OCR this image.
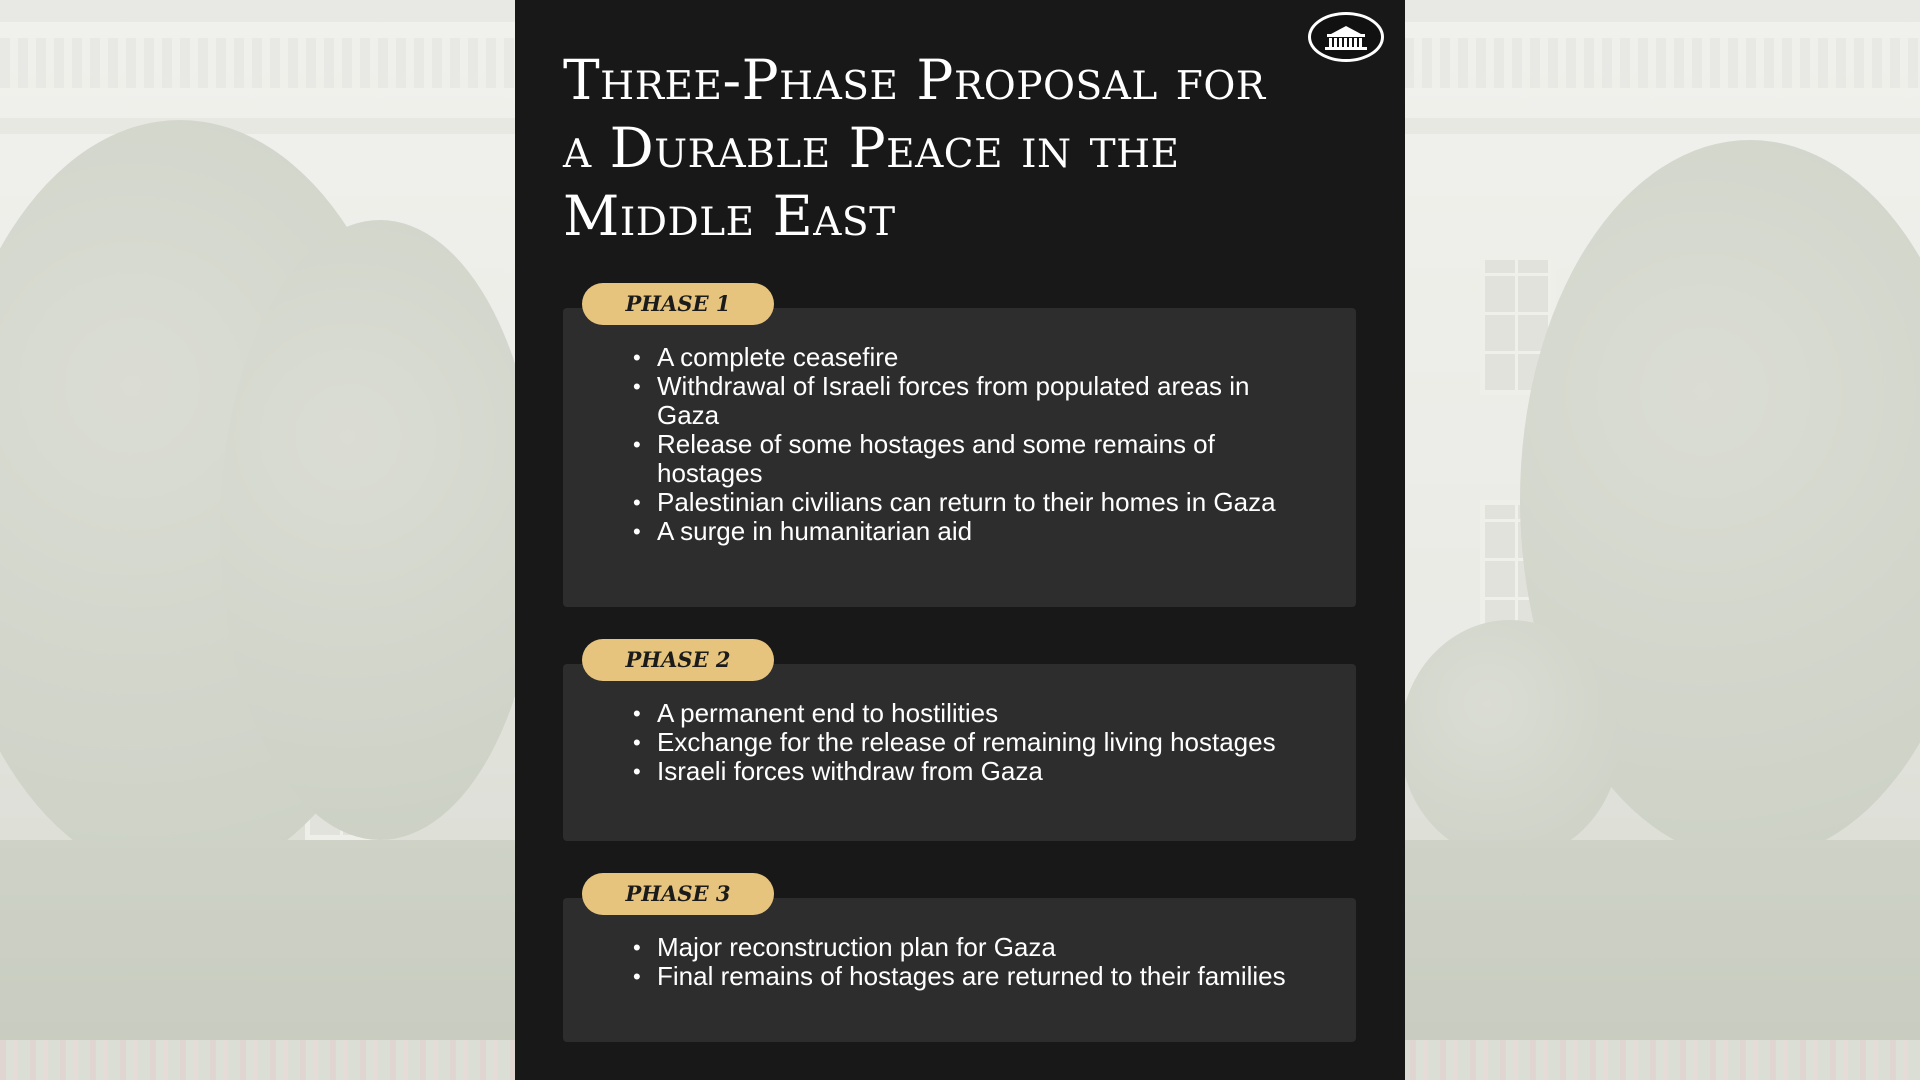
Three-Phase Proposal for a Durable Peace in the Middle East
PHASE 1
• A complete ceasefire
• Withdrawal of Israeli forces from populated areas in Gaza
• Release of some hostages and some remains of hostages
• Palestinian civilians can return to their homes in Gaza
• A surge in humanitarian aid
PHASE 2
• A permanent end to hostilities
• Exchange for the release of remaining living hostages
• Israeli forces withdraw from Gaza
PHASE 3
• Major reconstruction plan for Gaza
• Final remains of hostages are returned to their families
